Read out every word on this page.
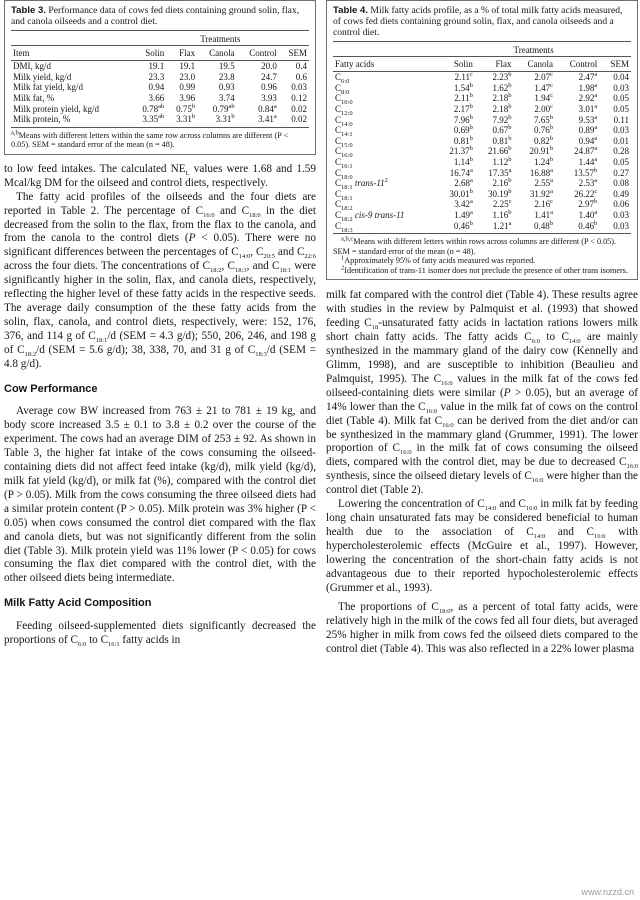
Table 3. Performance data of cows fed diets containing ground solin, flax, and canola oilseeds and a control diet.
	Treatments				
Item	Solin	Flax	Canola	Control	SEM
DMI, kg/d	19.1	19.1	19.5	20.0	0.4
Milk yield, kg/d	23.3	23.0	23.8	24.7	0.6
Milk fat yield, kg/d	0.94	0.99	0.93	0.96	0.03
Milk fat, %	3.66	3.96	3.74	3.93	0.12
Milk protein yield, kg/d	0.78$^{ab}$	0.75$^b$	0.79$^{ab}$	0.84$^a$	0.02
Milk protein, %	3.35$^{ab}$	3.31$^b$	3.31$^b$	3.41$^a$	0.02
$^{a,b}$Means with different letters within the same row across columns are different (P < 0.05). SEM = standard error of the mean (n = 48).

to low feed intakes. The calculated $NE_L$ values were 1.68 and 1.59 Mcal/kg DM for the oilseed and control diets, respectively.

The fatty acid profiles of the oilseeds and the four diets are reported in Table 2. The percentage of $C_{16:0}$ and $C_{18:0}$ in the diet decreased from the solin to the flax, from the flax to the canola, and from the canola to the control diets (P < 0.05). There were no significant differences between the percentages of $C_{14:0}$, $C_{20:5}$ and $C_{22:6}$ across the four diets. The concentrations of $C_{18:2}$, $C_{18:3}$, and $C_{18:1}$ were significantly higher in the solin, flax, and canola diets, respectively, reflecting the higher level of these fatty acids in the respective seeds. The average daily consumption of the these fatty acids from the solin, flax, canola, and control diets, respectively, were: 152, 176, 376, and 114 g of $C_{18:1}/d$ (SEM = 4.3 g/d); 550, 206, 246, and 198 g of $C_{18:2}/d$ (SEM = 5.6 g/d); 38, 338, 70, and 31 g of $C_{18:3}/d$ (SEM = 4.8 g/d).

Cow Performance

Average cow BW increased from 763 ± 21 to 781 ± 19 kg, and body score increased 3.5 ± 0.1 to 3.8 ± 0.2 over the course of the experiment. The cows had an average DIM of 253 ± 92. As shown in Table 3, the higher fat intake of the cows consuming the oilseed-containing diets did not affect feed intake (kg/d), milk yield (kg/d), milk fat yield (kg/d), or milk fat (%), compared with the control diet (P > 0.05). Milk from the cows consuming the three oilseed diets had a similar protein content (P > 0.05). Milk protein was 3% higher (P < 0.05) when cows consumed the control diet compared with the flax and canola diets, but was not significantly different from the solin diet (Table 3). Milk protein yield was 11% lower (P < 0.05) for cows consuming the flax diet compared with the control diet, with the other oilseed diets being intermediate.

Milk Fatty Acid Composition

Feeding oilseed-supplemented diets significantly decreased the proportions of $C_{6:0}$ to $C_{16:1}$ fatty acids in

Table 4. Milk fatty acids profile, as a % of total milk fatty acids measured, of cows fed diets containing ground solin, flax, and canola oilseeds and a control diet.
	Treatments				
Fatty acids	Solin	Flax	Canola	Control	SEM
$C_{6:0}$	2.11$^c$	2.23$^b$	2.07$^c$	2.47$^a$	0.04
$C_{8:0}$	1.54$^b$	1.62$^b$	1.47$^c$	1.98$^a$	0.03
$C_{10:0}$	2.11$^b$	2.18$^b$	1.94$^c$	2.92$^a$	0.05
$C_{12:0}$	2.17$^b$	2.18$^b$	2.00$^c$	3.01$^a$	0.05
$C_{14:0}$	7.96$^b$	7.92$^b$	7.65$^b$	9.53$^a$	0.11
$C_{14:1}$	0.69$^b$	0.67$^b$	0.76$^b$	0.89$^a$	0.03
$C_{15:0}$	0.81$^b$	0.81$^b$	0.82$^b$	0.94$^a$	0.01
$C_{16:0}$	21.37$^b$	21.66$^b$	20.91$^b$	24.87$^a$	0.28
$C_{16:1}$	1.14$^b$	1.12$^b$	1.24$^b$	1.44$^a$	0.05
$C_{18:0}$	16.74$^a$	17.35$^a$	16.88$^a$	13.57$^b$	0.27
$C_{18:1}$ trans-$11^2$	2.68$^a$	2.16$^b$	2.55$^a$	2.53$^a$	0.08
$C_{18:1}$	30.01$^b$	30.19$^b$	31.92$^a$	26.22$^c$	0.49
$C_{18:2}$	3.42$^a$	2.25$^c$	2.16$^c$	2.97$^b$	0.06
$C_{18:2}$ cis-9 trans-11	1.49$^a$	1.16$^b$	1.41$^a$	1.40$^a$	0.03
$C_{18:3}$	0.46$^b$	1.21$^a$	0.48$^b$	0.46$^b$	0.03
$^{a,b,c}$Means with different letters within rows across columns are different (P < 0.05). SEM = standard error of the mean (n = 48).
$^1$Approximately 95% of fatty acids measured was reported.
$^2$Identification of trans-11 isomer does not preclude the presence of other trans isomers.

milk fat compared with the control diet (Table 4). These results agree with studies in the review by Palmquist et al. (1993) that showed feeding $C_{18}$-unsaturated fatty acids in lactation rations lowers milk short chain fatty acids. The fatty acids $C_{6:0}$ to $C_{14:0}$ are mainly synthesized in the mammary gland of the dairy cow (Kennelly and Glimm, 1998), and are susceptible to inhibition (Beaulieu and Palmquist, 1995). The $C_{16:0}$ values in the milk fat of the cows fed oilseed-containing diets were similar (P > 0.05), but an average of 14% lower than the $C_{16:0}$ value in the milk fat of cows on the control diet (Table 4). Milk fat $C_{16:0}$ can be derived from the diet and/or can be synthesized in the mammary gland (Grummer, 1991). The lower proportion of $C_{16:0}$ in the milk fat of cows consuming the oilseed diets, compared with the control diet, may be due to decreased $C_{16:0}$ synthesis, since the oilseed dietary levels of $C_{16:0}$ were higher than the control diet (Table 2).

Lowering the concentration of $C_{14:0}$ and $C_{16:0}$ in milk fat by feeding long chain unsaturated fats may be considered beneficial to human health due to the association of $C_{14:0}$ and $C_{16:0}$ with hypercholesterolemic effects (McGuire et al., 1997). However, lowering the concentration of the short-chain fatty acids is not advantageous due to their reported hypocholesterolemic effects (Grummer et al., 1993).

The proportions of $C_{18:0}$, as a percent of total fatty acids, were relatively high in the milk of the cows fed all four diets, but averaged 25% higher in milk from cows fed the oilseed diets compared to the control diet (Table 4). This was also reflected in a 22% lower plasma

www.nzzd.cn
